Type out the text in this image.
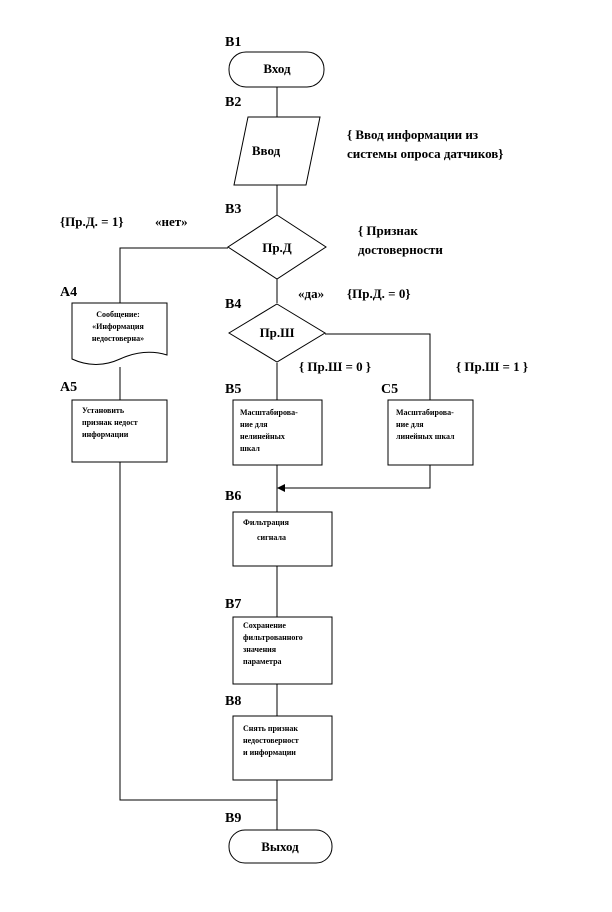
B1
Вход
B2
Ввод
{ Ввод информации из
системы опроса датчиков}
B3
Пр.Д
{ Признак
достоверности
{Пр.Д. = 1} «нет»
«да» {Пр.Д. = 0}
B4
Пр.Ш
{ Пр.Ш = 0 }	{ Пр.Ш = 1 }
A4
Сообщение:
«Информация
недостоверна»
A5
Установить
признак недост
информации
B5
Масштабирова-
ние для
нелинейных
шкал
C5
Масштабирова-
ние для
линейных шкал
B6
Фильтрация
сигнала
B7
Сохранение
фильтрованного
значения
параметра
B8
Снять признак
недостоверност
и информации
B9
Выход
